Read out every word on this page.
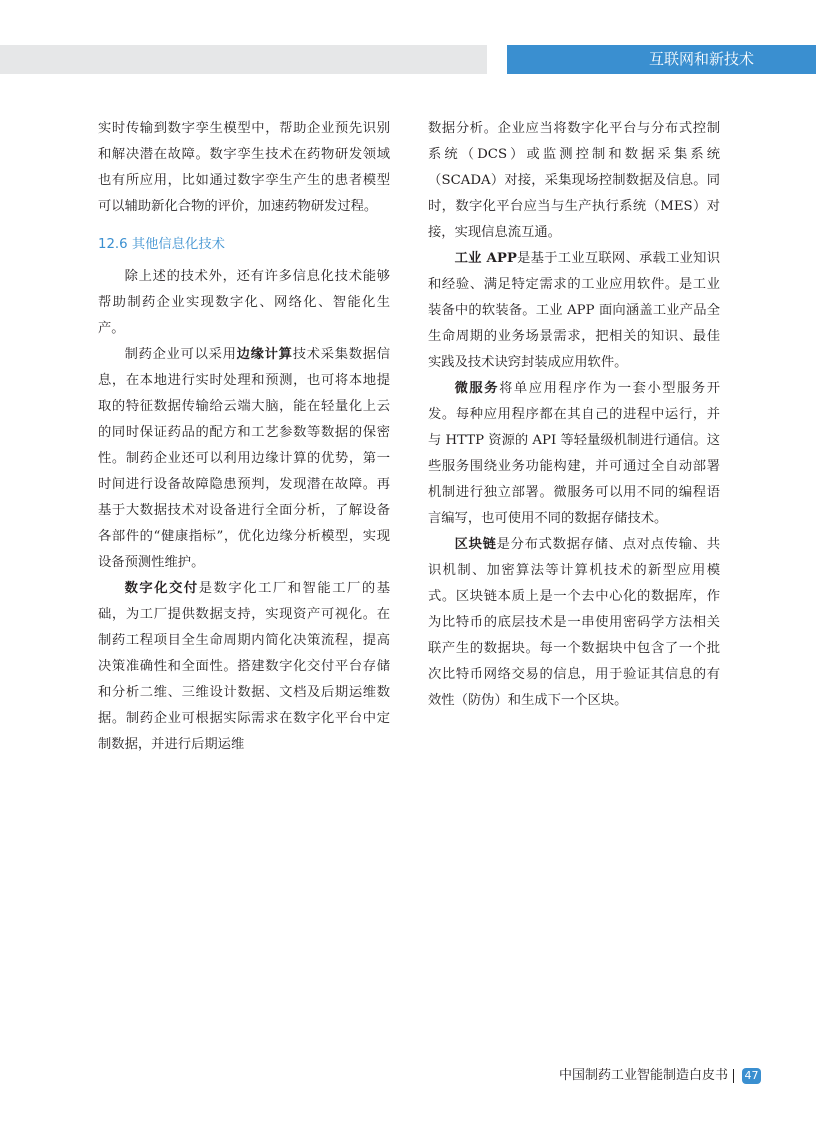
互联网和新技术

实时传输到数字孪生模型中，帮助企业预先识别和解决潜在故障。数字孪生技术在药物研发领域也有所应用，比如通过数字孪生产生的患者模型可以辅助新化合物的评价，加速药物研发过程。

12.6 其他信息化技术

除上述的技术外，还有许多信息化技术能够帮助制药企业实现数字化、网络化、智能化生产。

制药企业可以采用边缘计算技术采集数据信息，在本地进行实时处理和预测，也可将本地提取的特征数据传输给云端大脑，能在轻量化上云的同时保证药品的配方和工艺参数等数据的保密性。制药企业还可以利用边缘计算的优势，第一时间进行设备故障隐患预判，发现潜在故障。再基于大数据技术对设备进行全面分析，了解设备各部件的“健康指标”，优化边缘分析模型，实现设备预测性维护。

数字化交付是数字化工厂和智能工厂的基础，为工厂提供数据支持，实现资产可视化。在制药工程项目全生命周期内简化决策流程，提高决策准确性和全面性。搭建数字化交付平台存储和分析二维、三维设计数据、文档及后期运维数据。制药企业可根据实际需求在数字化平台中定制数据，并进行后期运维

数据分析。企业应当将数字化平台与分布式控制系统（DCS）或监测控制和数据采集系统（SCADA）对接，采集现场控制数据及信息。同时，数字化平台应当与生产执行系统（MES）对接，实现信息流互通。

工业 APP是基于工业互联网、承载工业知识和经验、满足特定需求的工业应用软件。是工业装备中的软装备。工业 APP 面向涵盖工业产品全生命周期的业务场景需求，把相关的知识、最佳实践及技术诀窍封装成应用软件。

微服务将单应用程序作为一套小型服务开发。每种应用程序都在其自己的进程中运行，并与 HTTP 资源的 API 等轻量级机制进行通信。这些服务围绕业务功能构建，并可通过全自动部署机制进行独立部署。微服务可以用不同的编程语言编写，也可使用不同的数据存储技术。

区块链是分布式数据存储、点对点传输、共识机制、加密算法等计算机技术的新型应用模式。区块链本质上是一个去中心化的数据库，作为比特币的底层技术是一串使用密码学方法相关联产生的数据块。每一个数据块中包含了一个批次比特币网络交易的信息，用于验证其信息的有效性（防伪）和生成下一个区块。

中国制药工业智能制造白皮书 47
